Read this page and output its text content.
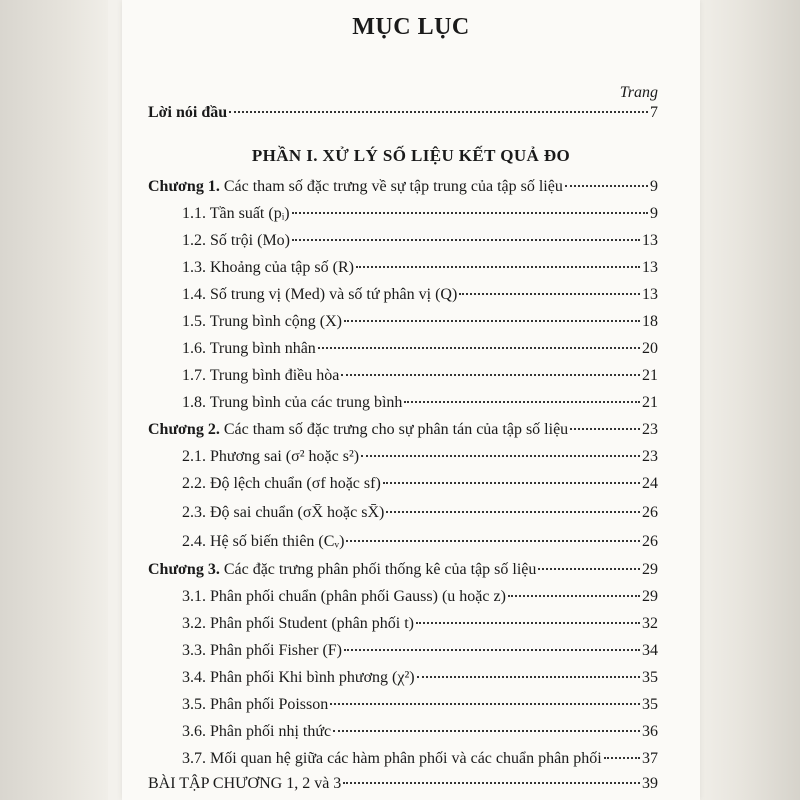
MỤC LỤC
Trang
Lời nói đầu	7
PHẦN I. XỬ LÝ SỐ LIỆU KẾT QUẢ ĐO
Chương 1. Các tham số đặc trưng về sự tập trung của tập số liệu	9
1.1. Tần suất (pᵢ)	9
1.2. Số trội (Mo)	13
1.3. Khoảng của tập số (R)	13
1.4. Số trung vị (Med) và số tứ phân vị (Q)	13
1.5. Trung bình cộng (X)	18
1.6. Trung bình nhân	20
1.7. Trung bình điều hòa	21
1.8. Trung bình của các trung bình	21
Chương 2. Các tham số đặc trưng cho sự phân tán của tập số liệu	23
2.1. Phương sai (σ² hoặc s²)	23
2.2. Độ lệch chuẩn (σf hoặc sf)	24
2.3. Độ sai chuẩn (σX̄ hoặc sX̄)	26
2.4. Hệ số biến thiên (Cᵥ)	26
Chương 3. Các đặc trưng phân phối thống kê của tập số liệu	29
3.1. Phân phối chuẩn (phân phối Gauss) (u hoặc z)	29
3.2. Phân phối Student (phân phối t)	32
3.3. Phân phối Fisher (F)	34
3.4. Phân phối Khi bình phương (χ²)	35
3.5. Phân phối Poisson	35
3.6. Phân phối nhị thức	36
3.7. Mối quan hệ giữa các hàm phân phối và các chuẩn phân phối	37
BÀI TẬP CHƯƠNG 1, 2 và 3	39
